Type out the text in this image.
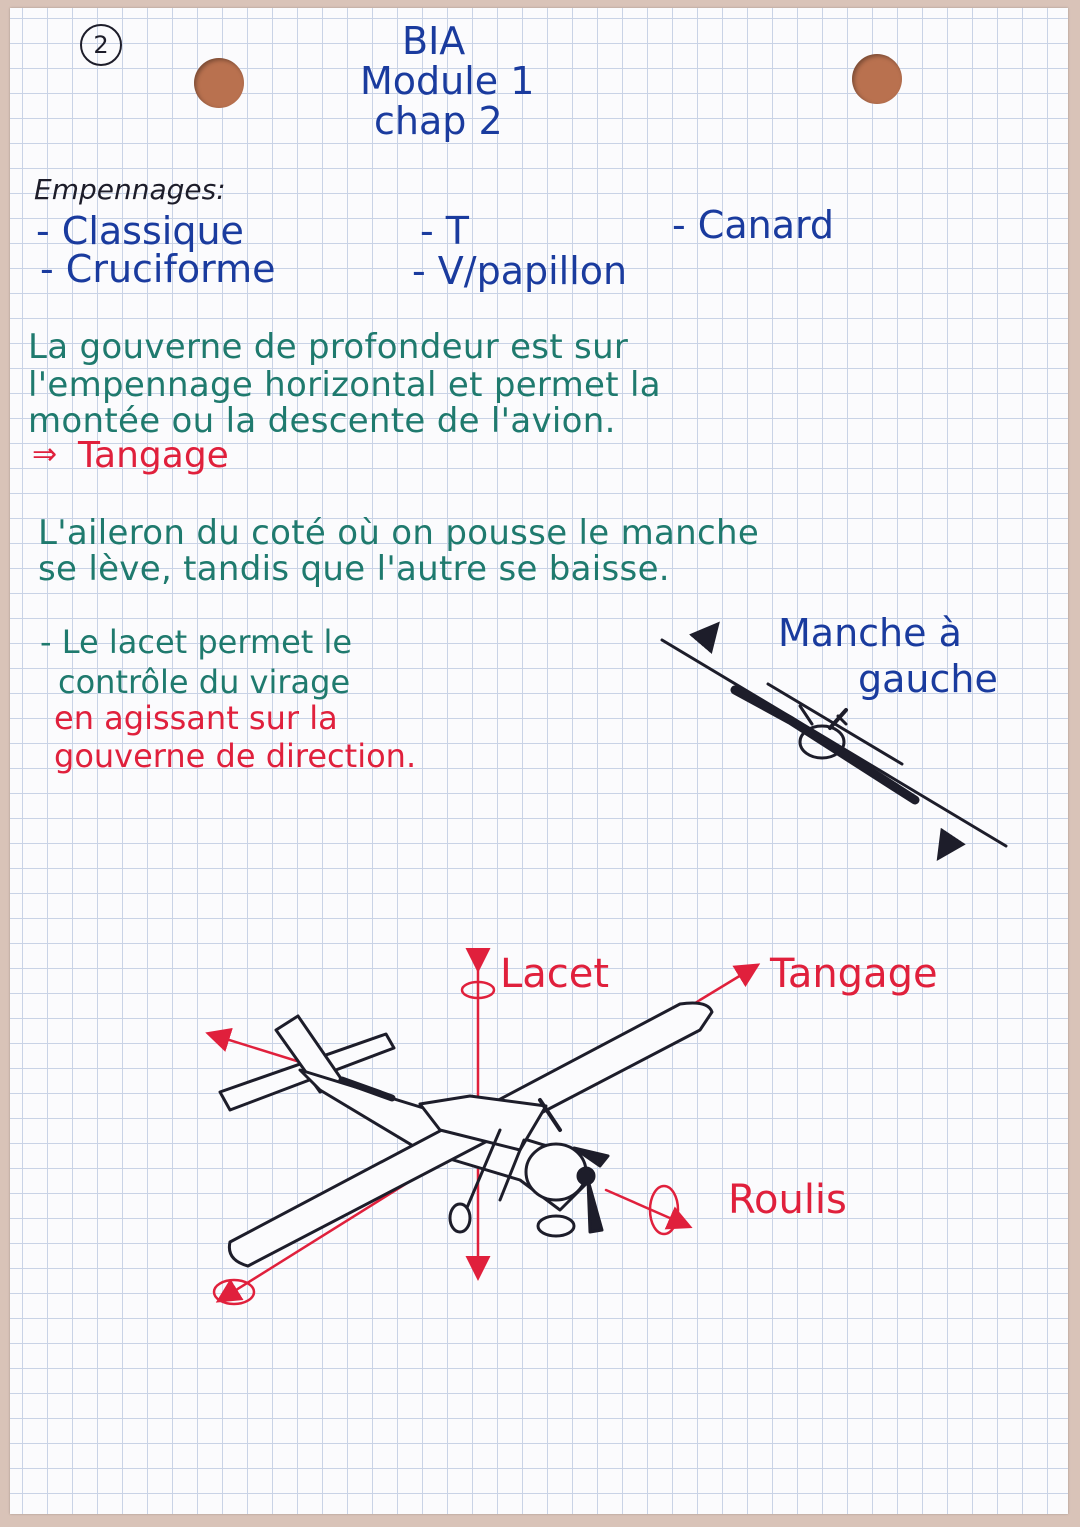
2	BIA
Module 1
chap 2
Empennages:
- Classique
- Cruciforme
- T
- V/papillon
- Canard
La gouverne de profondeur est sur
l'empennage horizontal et permet la
montée ou la descente de l'avion.
⇒ Tangage
L'aileron du coté où on pousse le manche
se lève, tandis que l'autre se baisse.
- Le lacet permet le
contrôle du virage
en agissant sur la
gouverne de direction.
Manche à
gauche
Lacet	Tangage
Roulis
